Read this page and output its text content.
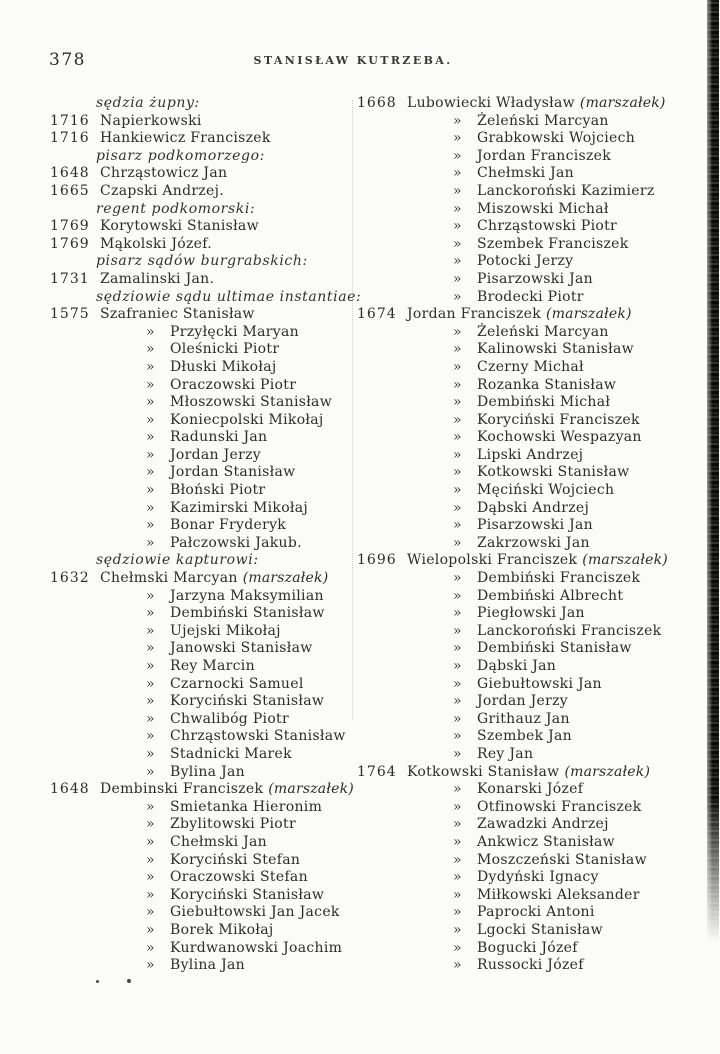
378	STANISŁAW KUTRZEBA.
sędzia żupny:
1716 Napierkowski
1716 Hankiewicz Franciszek
pisarz podkomorzego:
1648 Chrząstowicz Jan
1665 Czapski Andrzej.
regent podkomorski:
1769 Korytowski Stanisław
1769 Mąkolski Józef.
pisarz sądów burgrabskich:
1731 Zamalinski Jan.
sędziowie sądu ultimae instantiae:
1575 Szafraniec Stanisław
» Przyłęcki Maryan
» Oleśnicki Piotr
» Dłuski Mikołaj
» Oraczowski Piotr
» Młoszowski Stanisław
» Koniecpolski Mikołaj
» Radunski Jan
» Jordan Jerzy
» Jordan Stanisław
» Błoński Piotr
» Kazimirski Mikołaj
» Bonar Fryderyk
» Pałczowski Jakub.
sędziowie kapturowi:
1632 Chełmski Marcyan (marszałek)
» Jarzyna Maksymilian
» Dembiński Stanisław
» Ujejski Mikołaj
» Janowski Stanisław
» Rey Marcin
» Czarnocki Samuel
» Koryciński Stanisław
» Chwalibóg Piotr
» Chrząstowski Stanisław
» Stadnicki Marek
» Bylina Jan
1648 Dembinski Franciszek (marszałek)
» Smietanka Hieronim
» Zbylitowski Piotr
» Chełmski Jan
» Koryciński Stefan
» Oraczowski Stefan
» Koryciński Stanisław
» Giebułtowski Jan Jacek
» Borek Mikołaj
» Kurdwanowski Joachim
» Bylina Jan
1668 Lubowiecki Władysław (marszałek)
» Żeleński Marcyan
» Grabkowski Wojciech
» Jordan Franciszek
» Chełmski Jan
» Lanckoroński Kazimierz
» Miszowski Michał
» Chrząstowski Piotr
» Szembek Franciszek
» Potocki Jerzy
» Pisarzowski Jan
» Brodecki Piotr
1674 Jordan Franciszek (marszałek)
» Żeleński Marcyan
» Kalinowski Stanisław
» Czerny Michał
» Rozanka Stanisław
» Dembiński Michał
» Koryciński Franciszek
» Kochowski Wespazyan
» Lipski Andrzej
» Kotkowski Stanisław
» Męciński Wojciech
» Dąbski Andrzej
» Pisarzowski Jan
» Zakrzowski Jan
1696 Wielopolski Franciszek (marszałek)
» Dembiński Franciszek
» Dembiński Albrecht
» Piegłowski Jan
» Lanckoroński Franciszek
» Dembiński Stanisław
» Dąbski Jan
» Giebułtowski Jan
» Jordan Jerzy
» Grithauz Jan
» Szembek Jan
» Rey Jan
1764 Kotkowski Stanisław (marszałek)
» Konarski Józef
» Otfinowski Franciszek
» Zawadzki Andrzej
» Ankwicz Stanisław
» Moszczeński Stanisław
» Dydyński Ignacy
» Miłkowski Aleksander
» Paprocki Antoni
» Lgocki Stanisław
» Bogucki Józef
» Russocki Józef
